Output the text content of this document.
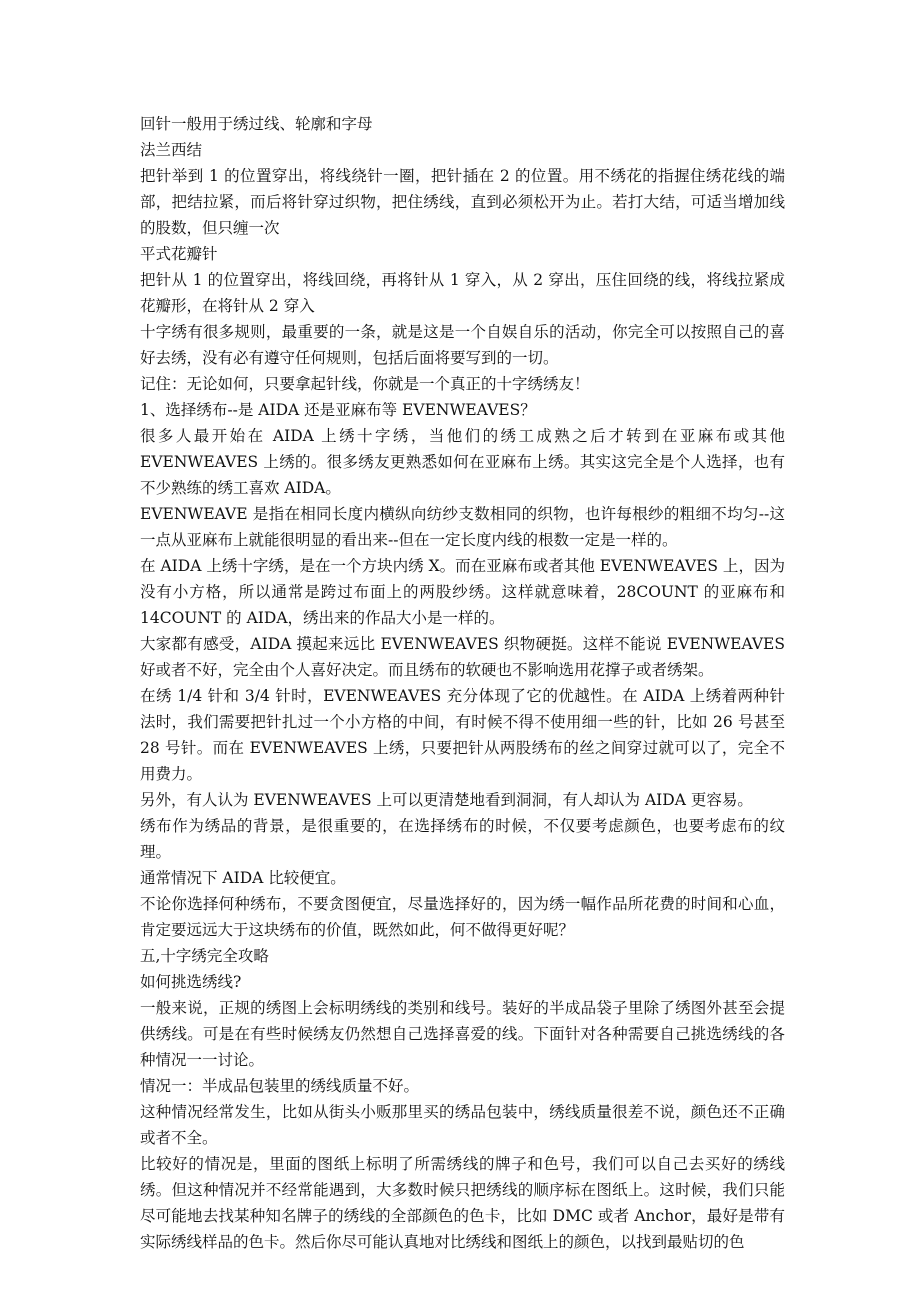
回针一般用于绣过线、轮廓和字母

法兰西结

把针举到 1 的位置穿出，将线绕针一圈，把针插在 2 的位置。用不绣花的指握住绣花线的端部，把结拉紧，而后将针穿过织物，把住绣线，直到必须松开为止。若打大结，可适当增加线的股数，但只缠一次

平式花瓣针

把针从 1 的位置穿出，将线回绕，再将针从 1 穿入，从 2 穿出，压住回绕的线，将线拉紧成花瓣形，在将针从 2 穿入

十字绣有很多规则，最重要的一条，就是这是一个自娱自乐的活动，你完全可以按照自己的喜好去绣，没有必有遵守任何规则，包括后面将要写到的一切。

记住：无论如何，只要拿起针线，你就是一个真正的十字绣绣友！

1、选择绣布--是 AIDA 还是亚麻布等 EVENWEAVES？

很多人最开始在 AIDA 上绣十字绣，当他们的绣工成熟之后才转到在亚麻布或其他 EVENWEAVES 上绣的。很多绣友更熟悉如何在亚麻布上绣。其实这完全是个人选择，也有不少熟练的绣工喜欢 AIDA。

EVENWEAVE 是指在相同长度内横纵向纺纱支数相同的织物，也许每根纱的粗细不均匀--这一点从亚麻布上就能很明显的看出来--但在一定长度内线的根数一定是一样的。

在 AIDA 上绣十字绣，是在一个方块内绣 X。而在亚麻布或者其他 EVENWEAVES 上，因为没有小方格，所以通常是跨过布面上的两股纱绣。这样就意味着，28COUNT 的亚麻布和 14COUNT 的 AIDA，绣出来的作品大小是一样的。

大家都有感受，AIDA 摸起来远比 EVENWEAVES 织物硬挺。这样不能说 EVENWEAVES 好或者不好，完全由个人喜好决定。而且绣布的软硬也不影响选用花撑子或者绣架。

在绣 1/4 针和 3/4 针时，EVENWEAVES 充分体现了它的优越性。在 AIDA 上绣着两种针法时，我们需要把针扎过一个小方格的中间，有时候不得不使用细一些的针，比如 26 号甚至 28 号针。而在 EVENWEAVES 上绣，只要把针从两股绣布的丝之间穿过就可以了，完全不用费力。

另外，有人认为 EVENWEAVES 上可以更清楚地看到洞洞，有人却认为 AIDA 更容易。

绣布作为绣品的背景，是很重要的，在选择绣布的时候，不仅要考虑颜色，也要考虑布的纹理。

通常情况下 AIDA 比较便宜。

不论你选择何种绣布，不要贪图便宜，尽量选择好的，因为绣一幅作品所花费的时间和心血，肯定要远远大于这块绣布的价值，既然如此，何不做得更好呢？

五,十字绣完全攻略

如何挑选绣线?

一般来说，正规的绣图上会标明绣线的类别和线号。装好的半成品袋子里除了绣图外甚至会提供绣线。可是在有些时候绣友仍然想自己选择喜爱的线。下面针对各种需要自己挑选绣线的各种情况一一讨论。

情况一：半成品包装里的绣线质量不好。

这种情况经常发生，比如从街头小贩那里买的绣品包装中，绣线质量很差不说，颜色还不正确或者不全。

比较好的情况是，里面的图纸上标明了所需绣线的牌子和色号，我们可以自己去买好的绣线绣。但这种情况并不经常能遇到，大多数时候只把绣线的顺序标在图纸上。这时候，我们只能尽可能地去找某种知名牌子的绣线的全部颜色的色卡，比如 DMC 或者 Anchor，最好是带有实际绣线样品的色卡。然后你尽可能认真地对比绣线和图纸上的颜色，以找到最贴切的色
